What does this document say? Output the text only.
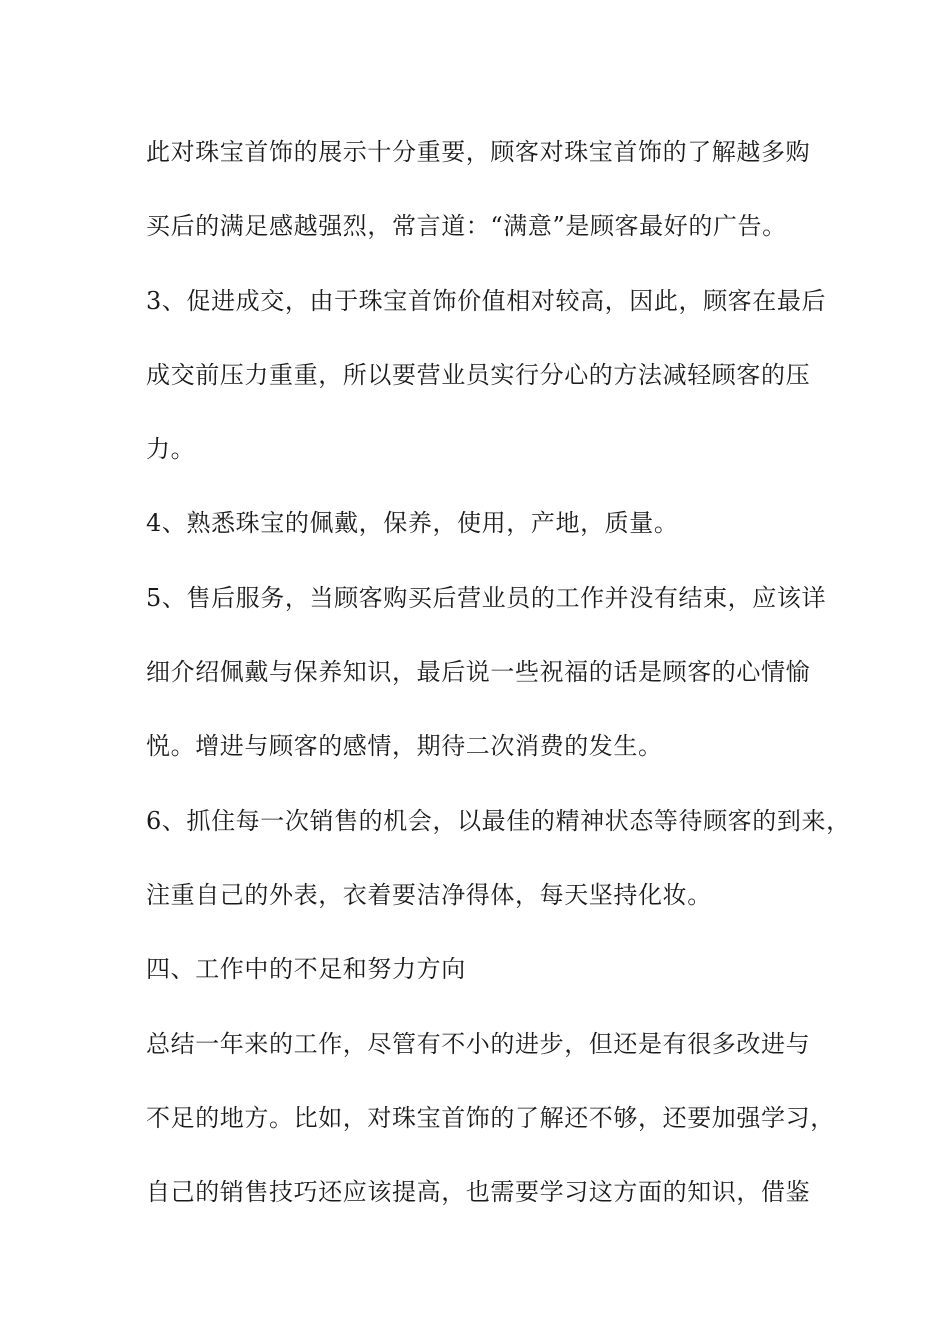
此对珠宝首饰的展示十分重要，顾客对珠宝首饰的了解越多购
买后的满足感越强烈，常言道：“满意”是顾客最好的广告。
3、促进成交，由于珠宝首饰价值相对较高，因此，顾客在最后
成交前压力重重，所以要营业员实行分心的方法减轻顾客的压
力。
4、熟悉珠宝的佩戴，保养，使用，产地，质量。
5、售后服务，当顾客购买后营业员的工作并没有结束，应该详
细介绍佩戴与保养知识，最后说一些祝福的话是顾客的心情愉
悦。增进与顾客的感情，期待二次消费的发生。
6、抓住每一次销售的机会，以最佳的精神状态等待顾客的到来，
注重自己的外表，衣着要洁净得体，每天坚持化妆。
四、工作中的不足和努力方向
总结一年来的工作，尽管有不小的进步，但还是有很多改进与
不足的地方。比如，对珠宝首饰的了解还不够，还要加强学习，
自己的销售技巧还应该提高，也需要学习这方面的知识，借鉴
